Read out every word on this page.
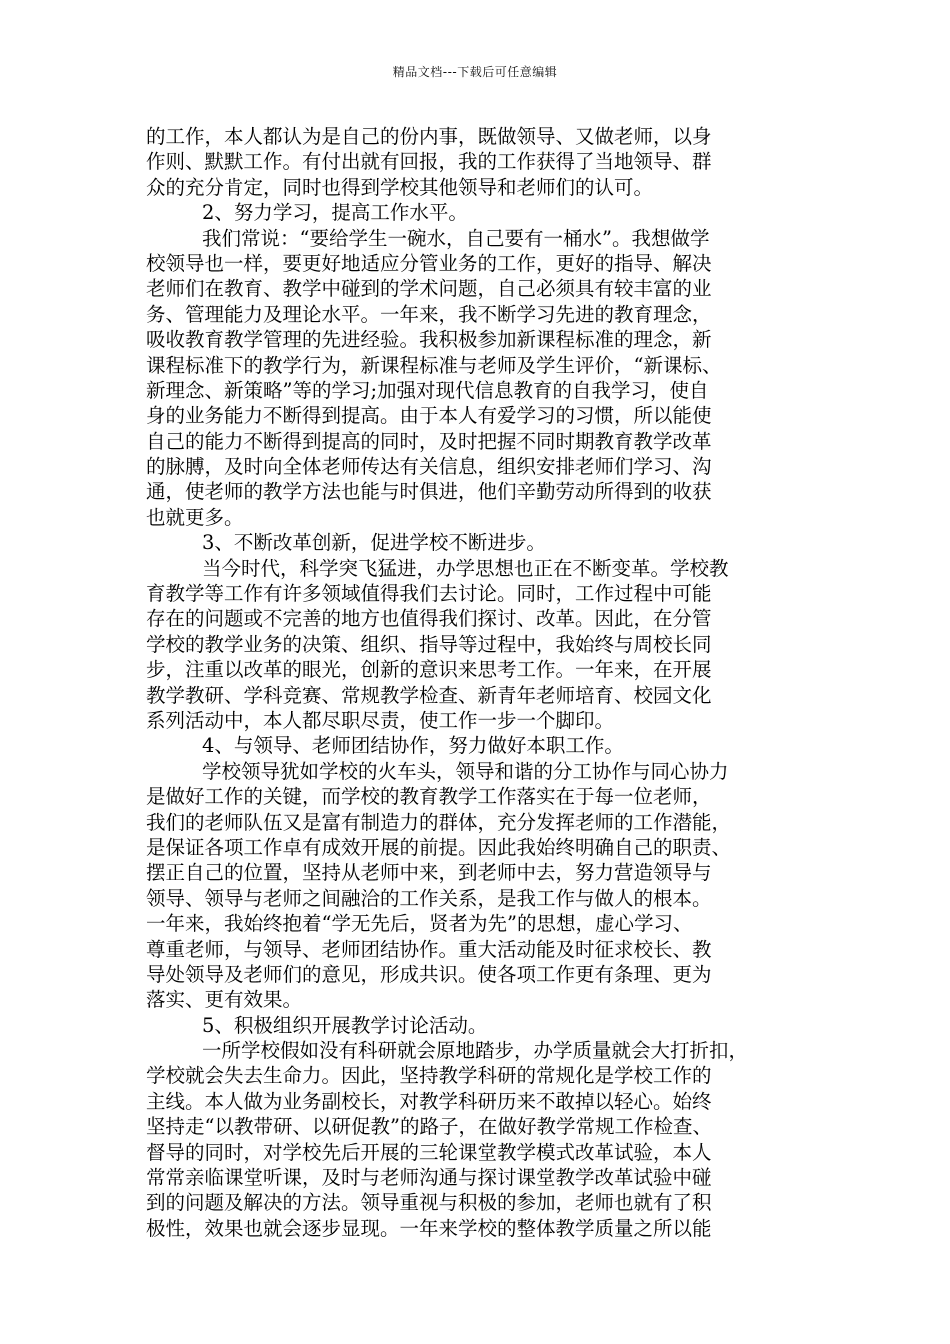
精品文档---下载后可任意编辑
的工作，本人都认为是自己的份内事，既做领导、又做老师，以身
作则、默默工作。有付出就有回报，我的工作获得了当地领导、群
众的充分肯定，同时也得到学校其他领导和老师们的认可。
2、努力学习，提高工作水平。
我们常说：“要给学生一碗水，自己要有一桶水”。我想做学
校领导也一样，要更好地适应分管业务的工作，更好的指导、解决
老师们在教育、教学中碰到的学术问题，自己必须具有较丰富的业
务、管理能力及理论水平。一年来，我不断学习先进的教育理念，
吸收教育教学管理的先进经验。我积极参加新课程标准的理念，新
课程标准下的教学行为，新课程标准与老师及学生评价，“新课标、
新理念、新策略”等的学习;加强对现代信息教育的自我学习，使自
身的业务能力不断得到提高。由于本人有爱学习的习惯，所以能使
自己的能力不断得到提高的同时，及时把握不同时期教育教学改革
的脉膊，及时向全体老师传达有关信息，组织安排老师们学习、沟
通，使老师的教学方法也能与时俱进，他们辛勤劳动所得到的收获
也就更多。
3、不断改革创新，促进学校不断进步。
当今时代，科学突飞猛进，办学思想也正在不断变革。学校教
育教学等工作有许多领域值得我们去讨论。同时，工作过程中可能
存在的问题或不完善的地方也值得我们探讨、改革。因此，在分管
学校的教学业务的决策、组织、指导等过程中，我始终与周校长同
步，注重以改革的眼光，创新的意识来思考工作。一年来，在开展
教学教研、学科竞赛、常规教学检查、新青年老师培育、校园文化
系列活动中，本人都尽职尽责，使工作一步一个脚印。
4、与领导、老师团结协作，努力做好本职工作。
学校领导犹如学校的火车头，领导和谐的分工协作与同心协力
是做好工作的关键，而学校的教育教学工作落实在于每一位老师，
我们的老师队伍又是富有制造力的群体，充分发挥老师的工作潜能，
是保证各项工作卓有成效开展的前提。因此我始终明确自己的职责、
摆正自己的位置，坚持从老师中来，到老师中去，努力营造领导与
领导、领导与老师之间融洽的工作关系，是我工作与做人的根本。
一年来，我始终抱着“学无先后，贤者为先”的思想，虚心学习、
尊重老师，与领导、老师团结协作。重大活动能及时征求校长、教
导处领导及老师们的意见，形成共识。使各项工作更有条理、更为
落实、更有效果。
5、积极组织开展教学讨论活动。
一所学校假如没有科研就会原地踏步，办学质量就会大打折扣，
学校就会失去生命力。因此，坚持教学科研的常规化是学校工作的
主线。本人做为业务副校长，对教学科研历来不敢掉以轻心。始终
坚持走“以教带研、以研促教”的路子，在做好教学常规工作检查、
督导的同时，对学校先后开展的三轮课堂教学模式改革试验，本人
常常亲临课堂听课，及时与老师沟通与探讨课堂教学改革试验中碰
到的问题及解决的方法。领导重视与积极的参加，老师也就有了积
极性，效果也就会逐步显现。一年来学校的整体教学质量之所以能
